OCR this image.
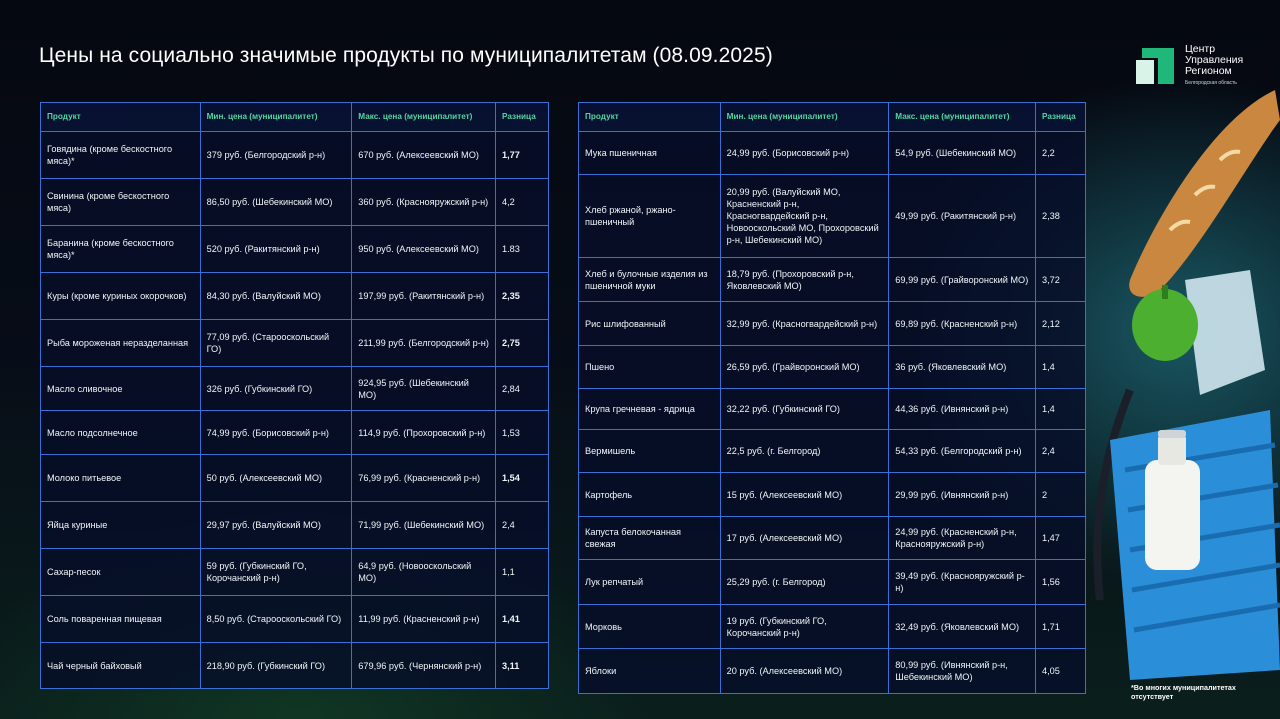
Цены на социально значимые продукты по муниципалитетам (08.09.2025)	Центр
Управления
Регионом
Белгородская область
Продукт	Мин. цена (муниципалитет)	Макс. цена (муниципалитет)	Разница
Говядина (кроме бескостного мяса)*	379 руб. (Белгородский р-н)	670 руб. (Алексеевский МО)	1,77
Свинина (кроме бескостного мяса)	86,50 руб. (Шебекинский МО)	360 руб. (Краснояружский р-н)	4,2
Баранина (кроме бескостного мяса)*	520 руб. (Ракитянский р-н)	950 руб. (Алексеевский МО)	1.83
Куры (кроме куриных окорочков)	84,30 руб. (Валуйский МО)	197,99 руб. (Ракитянский р-н)	2,35
Рыба мороженая неразделанная	77,09 руб. (Старооскольский ГО)	211,99 руб. (Белгородский р-н)	2,75
Масло сливочное	326 руб. (Губкинский ГО)	924,95 руб. (Шебекинский МО)	2,84
Масло подсолнечное	74,99 руб. (Борисовский р-н)	114,9 руб. (Прохоровский р-н)	1,53
Молоко питьевое	50 руб. (Алексеевский МО)	76,99 руб. (Красненский р-н)	1,54
Яйца куриные	29,97 руб. (Валуйский МО)	71,99 руб. (Шебекинский МО)	2,4
Сахар-песок	59 руб. (Губкинский ГО, Корочанский р-н)	64,9 руб. (Новооскольский МО)	1,1
Соль поваренная пищевая	8,50 руб. (Старооскольский ГО)	11,99 руб. (Красненский р-н)	1,41
Чай черный байховый	218,90 руб. (Губкинский ГО)	679,96 руб. (Чернянский р-н)	3,11
Продукт	Мин. цена (муниципалитет)	Макс. цена (муниципалитет)	Разница
Мука пшеничная	24,99 руб. (Борисовский р-н)	54,9 руб. (Шебекинский МО)	2,2
Хлеб ржаной, ржано-пшеничный	20,99 руб. (Валуйский МО, Красненский р-н, Красногвардейский р-н, Новооскольский МО, Прохоровский р-н, Шебекинский МО)	49,99 руб. (Ракитянский р-н)	2,38
Хлеб и булочные изделия из пшеничной муки	18,79 руб. (Прохоровский р-н, Яковлевский МО)	69,99 руб. (Грайворонский МО)	3,72
Рис шлифованный	32,99 руб. (Красногвардейский р-н)	69,89 руб. (Красненский р-н)	2,12
Пшено	26,59 руб. (Грайворонский МО)	36 руб. (Яковлевский МО)	1,4
Крупа гречневая - ядрица	32,22 руб. (Губкинский ГО)	44,36 руб. (Ивнянский р-н)	1,4
Вермишель	22,5 руб. (г. Белгород)	54,33 руб. (Белгородский р-н)	2,4
Картофель	15 руб. (Алексеевский МО)	29,99 руб. (Ивнянский р-н)	2
Капуста белокочанная свежая	17 руб. (Алексеевский МО)	24,99 руб. (Красненский р-н, Краснояружский р-н)	1,47
Лук репчатый	25,29 руб. (г. Белгород)	39,49 руб. (Краснояружский р-н)	1,56
Морковь	19 руб. (Губкинский ГО, Корочанский р-н)	32,49 руб. (Яковлевский МО)	1,71
Яблоки	20 руб. (Алексеевский МО)	80,99 руб. (Ивнянский р-н, Шебекинский МО)	4,05
*Во многих муниципалитетах отсутствует
